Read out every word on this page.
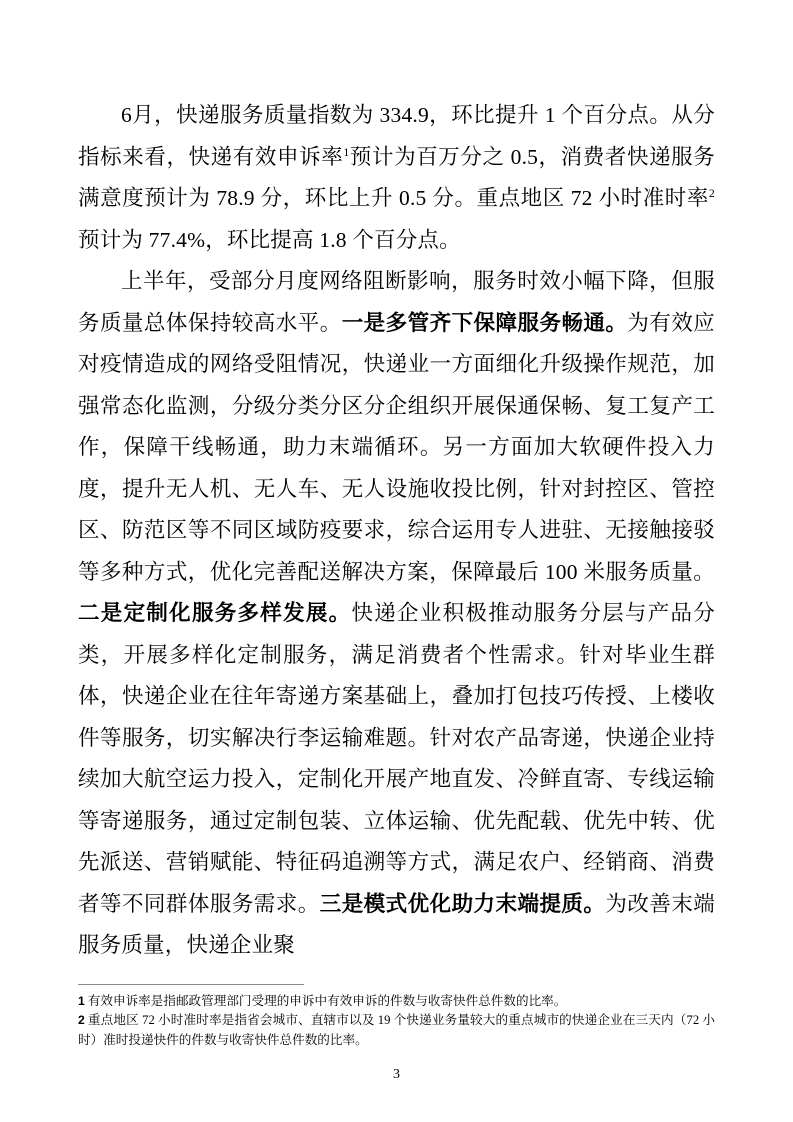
6月，快递服务质量指数为 334.9，环比提升 1 个百分点。从分指标来看，快递有效申诉率$^1$预计为百万分之 0.5，消费者快递服务满意度预计为 78.9 分，环比上升 0.5 分。重点地区 72 小时准时率$^2$预计为 77.4%，环比提高 1.8 个百分点。

上半年，受部分月度网络阻断影响，服务时效小幅下降，但服务质量总体保持较高水平。一是多管齐下保障服务畅通。为有效应对疫情造成的网络受阻情况，快递业一方面细化升级操作规范，加强常态化监测，分级分类分区分企组织开展保通保畅、复工复产工作，保障干线畅通，助力末端循环。另一方面加大软硬件投入力度，提升无人机、无人车、无人设施收投比例，针对封控区、管控区、防范区等不同区域防疫要求，综合运用专人进驻、无接触接驳等多种方式，优化完善配送解决方案，保障最后 100 米服务质量。二是定制化服务多样发展。快递企业积极推动服务分层与产品分类，开展多样化定制服务，满足消费者个性需求。针对毕业生群体，快递企业在往年寄递方案基础上，叠加打包技巧传授、上楼收件等服务，切实解决行李运输难题。针对农产品寄递，快递企业持续加大航空运力投入，定制化开展产地直发、冷鲜直寄、专线运输等寄递服务，通过定制包装、立体运输、优先配载、优先中转、优先派送、营销赋能、特征码追溯等方式，满足农户、经销商、消费者等不同群体服务需求。三是模式优化助力末端提质。为改善末端服务质量，快递企业聚

1 有效申诉率是指邮政管理部门受理的申诉中有效申诉的件数与收寄快件总件数的比率。

2 重点地区 72 小时准时率是指省会城市、直辖市以及 19 个快递业务量较大的重点城市的快递企业在三天内（72 小时）准时投递快件的件数与收寄快件总件数的比率。

3
